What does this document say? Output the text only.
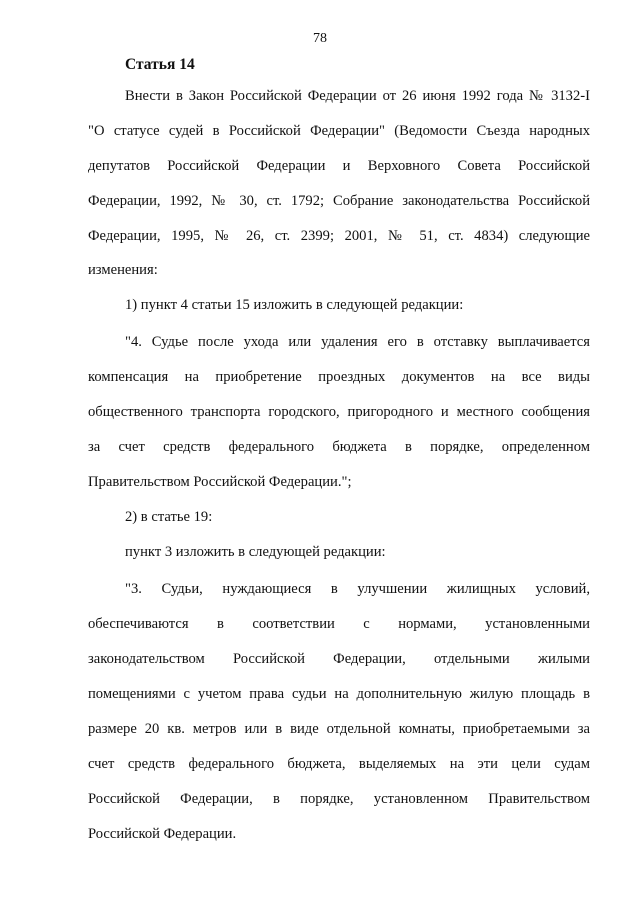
78
Статья 14
Внести в Закон Российской Федерации от 26 июня 1992 года № 3132-I
"О статусе судей в Российской Федерации" (Ведомости Съезда народных
депутатов Российской Федерации и Верховного Совета Российской
Федерации, 1992, № 30, ст. 1792; Собрание законодательства Российской
Федерации, 1995, № 26, ст. 2399; 2001, № 51, ст. 4834) следующие
изменения:
1) пункт 4 статьи 15 изложить в следующей редакции:
"4. Судье после ухода или удаления его в отставку выплачивается
компенсация на приобретение проездных документов на все виды
общественного транспорта городского, пригородного и местного сообщения
за счет средств федерального бюджета в порядке, определенном
Правительством Российской Федерации.";
2) в статье 19:
пункт 3 изложить в следующей редакции:
"3. Судьи, нуждающиеся в улучшении жилищных условий,
обеспечиваются в соответствии с нормами, установленными
законодательством Российской Федерации, отдельными жилыми
помещениями с учетом права судьи на дополнительную жилую площадь в
размере 20 кв. метров или в виде отдельной комнаты, приобретаемыми за
счет средств федерального бюджета, выделяемых на эти цели судам
Российской Федерации, в порядке, установленном Правительством
Российской Федерации.
